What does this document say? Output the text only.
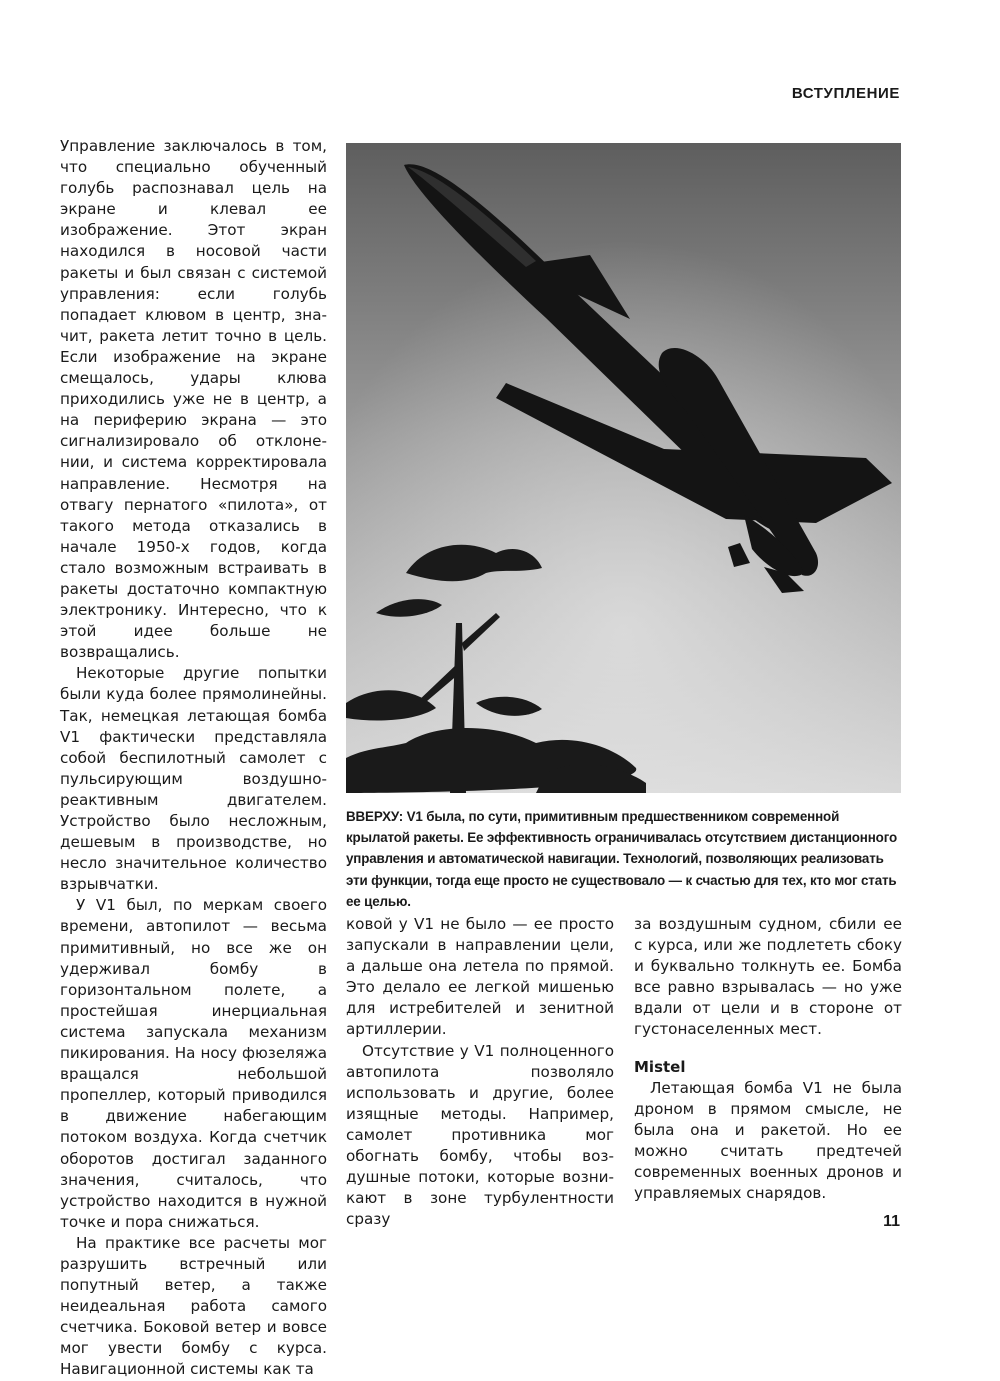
ВСТУПЛЕНИЕ

Управление заключалось в том, что специально обученный голубь распознавал цель на экране и клевал ее изображение. Этот экран находился в носовой части ракеты и был связан с системой управления: если голубь попадает клювом в центр, значит, ракета летит точно в цель. Если изображение на экране смещалось, удары клюва приходились уже не в центр, а на периферию экрана — это сигнализировало об отклонении, и система корректировала направление. Несмотря на отвагу пернатого «пилота», от такого метода отказались в начале 1950-х годов, когда стало возможным встраивать в ракеты достаточно компактную электронику. Интересно, что к этой идее больше не возвращались.

Некоторые другие попытки были куда более прямолинейны. Так, немецкая летающая бомба V1 фактически представляла собой беспилотный самолет с пульсирующим воздушно-реактивным двигателем. Устройство было несложным, дешевым в производстве, но несло значительное количество взрывчатки.

У V1 был, по меркам своего времени, автопилот — весьма примитивный, но все же он удерживал бомбу в горизонтальном полете, а простейшая инерциальная система запускала механизм пикирования. На носу фюзеляжа вращался небольшой пропеллер, который приводился в движение набегающим потоком воздуха. Когда счетчик оборотов достигал заданного значения, считалось, что устройство находится в нужной точке и пора снижаться.

На практике все расчеты мог разрушить встречный или попутный ветер, а также неидеальная работа самого счетчика. Боковой ветер и вовсе мог увести бомбу с курса. Навигационной системы как та

ВВЕРХУ: V1 была, по сути, примитивным предшественником современной крылатой ракеты. Ее эффективность ограничивалась отсутствием дистанционного управления и автоматической навигации. Технологий, позволяющих реализовать эти функции, тогда еще просто не существовало — к счастью для тех, кто мог стать ее целью.

ковой у V1 не было — ее просто запускали в направлении цели, а дальше она летела по прямой. Это делало ее легкой мишенью для истребителей и зенитной артиллерии.

Отсутствие у V1 полноценного автопилота позволяло использовать и другие, более изящные методы. Например, самолет противника мог обогнать бомбу, чтобы воздушные потоки, которые возникают в зоне турбулентности сразу

за воздушным судном, сбили ее с курса, или же подлететь сбоку и буквально толкнуть ее. Бомба все равно взрывалась — но уже вдали от цели и в стороне от густонаселенных мест.

Mistel

Летающая бомба V1 не была дроном в прямом смысле, не была она и ракетой. Но ее можно считать предтечей современных военных дронов и управляемых снарядов.

11
